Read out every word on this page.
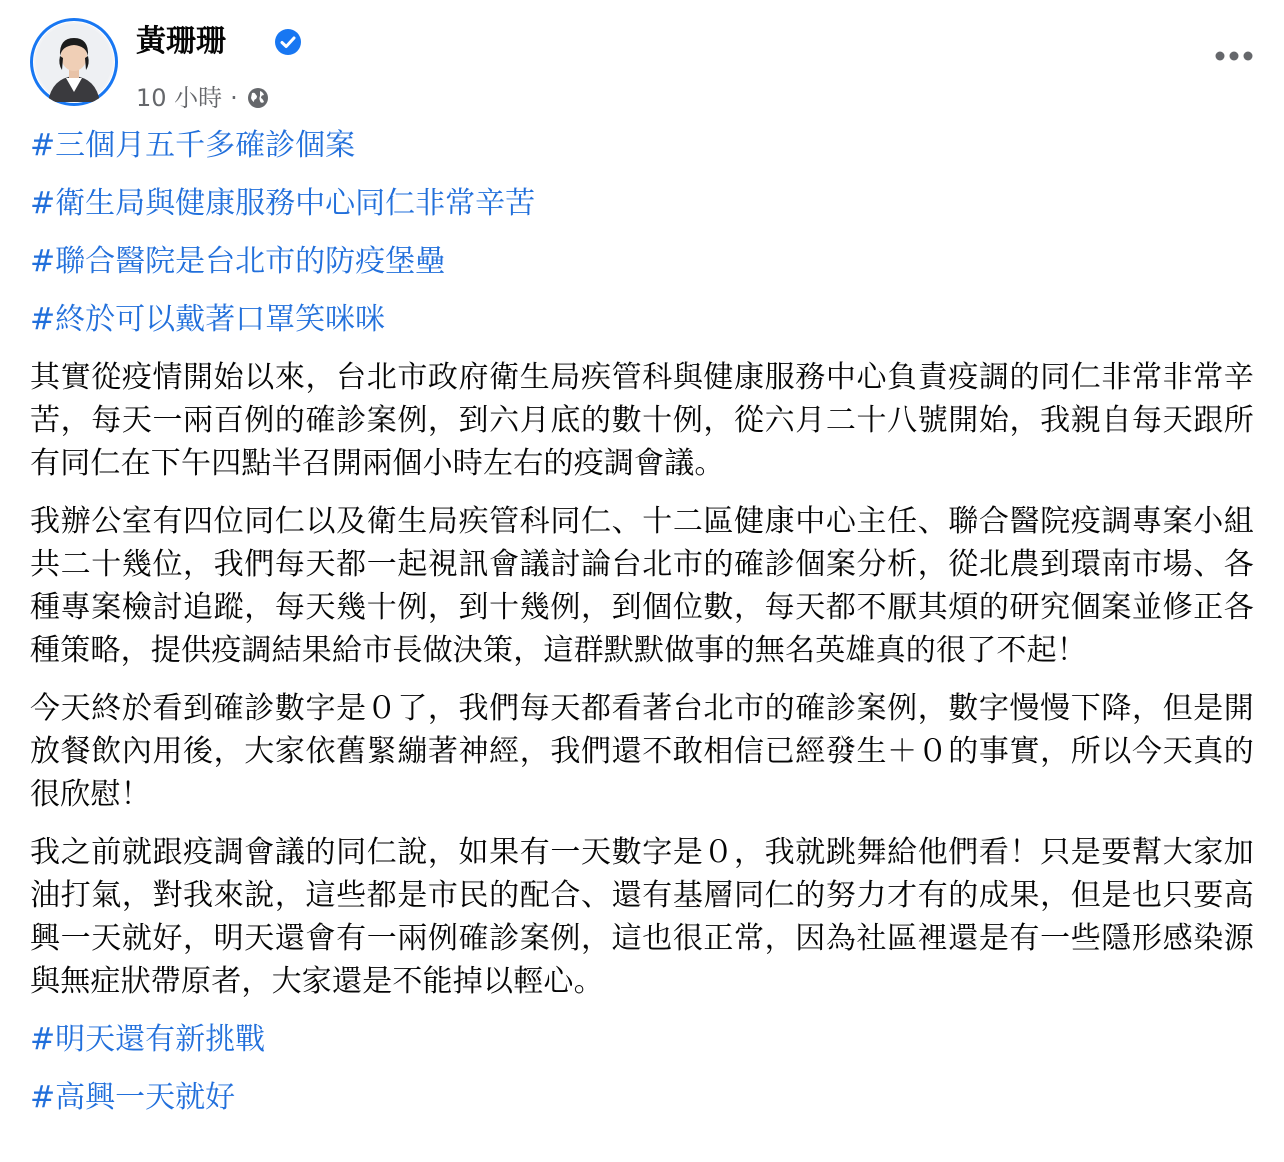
黃珊珊
10 小時 ·
#三個月五千多確診個案
#衛生局與健康服務中心同仁非常辛苦
#聯合醫院是台北市的防疫堡壘
#終於可以戴著口罩笑咪咪

其實從疫情開始以來，台北市政府衛生局疾管科與健康服務中心負責疫調的同仁非常非常辛苦，每天一兩百例的確診案例，到六月底的數十例，從六月二十八號開始，我親自每天跟所有同仁在下午四點半召開兩個小時左右的疫調會議。

我辦公室有四位同仁以及衛生局疾管科同仁、十二區健康中心主任、聯合醫院疫調專案小組共二十幾位，我們每天都一起視訊會議討論台北市的確診個案分析，從北農到環南市場、各種專案檢討追蹤，每天幾十例，到十幾例，到個位數，每天都不厭其煩的研究個案並修正各種策略，提供疫調結果給市長做決策，這群默默做事的無名英雄真的很了不起！

今天終於看到確診數字是０了，我們每天都看著台北市的確診案例，數字慢慢下降，但是開放餐飲內用後，大家依舊緊繃著神經，我們還不敢相信已經發生＋０的事實，所以今天真的很欣慰！

我之前就跟疫調會議的同仁說，如果有一天數字是０，我就跳舞給他們看！只是要幫大家加油打氣，對我來說，這些都是市民的配合、還有基層同仁的努力才有的成果，但是也只要高興一天就好，明天還會有一兩例確診案例，這也很正常，因為社區裡還是有一些隱形感染源與無症狀帶原者，大家還是不能掉以輕心。

#明天還有新挑戰
#高興一天就好
